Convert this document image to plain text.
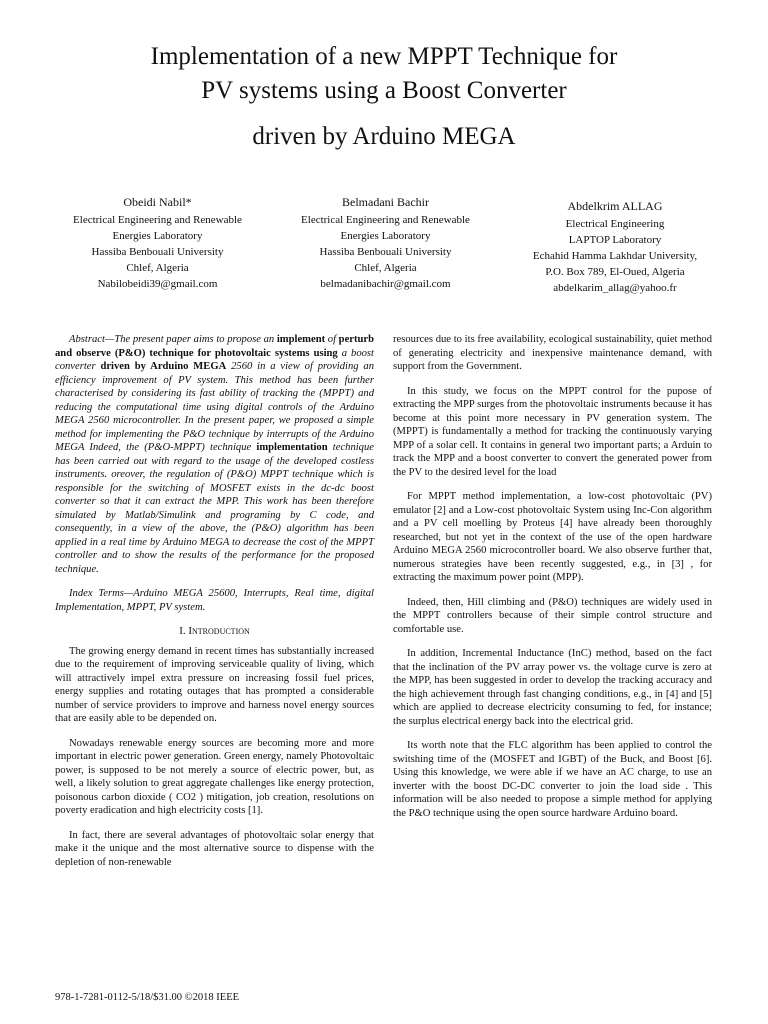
Implementation of a new MPPT Technique for
PV systems using a Boost Converter
driven by Arduino MEGA
Obeidi Nabil*
Electrical Engineering and Renewable
Energies Laboratory
Hassiba Benbouali University
Chlef, Algeria
Nabilobeidi39@gmail.com
Belmadani Bachir
Electrical Engineering and Renewable
Energies Laboratory
Hassiba Benbouali University
Chlef, Algeria
belmadanibachir@gmail.com
Abdelkrim ALLAG
Electrical Engineering
LAPTOP Laboratory
Echahid Hamma Lakhdar University,
P.O. Box 789, El-Oued, Algeria
abdelkarim_allag@yahoo.fr

Abstract—The present paper aims to propose an implement of perturb and observe (P&O) technique for photovoltaic systems using a boost converter driven by Arduino MEGA 2560 in a view of providing an efficiency improvement of PV system. This method has been further characterised by considering its fast ability of tracking the (MPPT) and reducing the computational time using digital controls of the Arduino MEGA 2560 microcontroller. In the present paper, we proposed a simple method for implementing the P&O technique by interrupts of the Arduino MEGA Indeed, the (P&O-MPPT) technique implementation technique has been carried out with regard to the usage of the developed costless instruments. oreover, the regulation of (P&O) MPPT technique which is responsible for the switching of MOSFET exists in the dc-dc boost converter so that it can extract the MPP. This work has been therefore simulated by Matlab/Simulink and programing by C code, and consequently, in a view of the above, the (P&O) algorithm has been applied in a real time by Arduino MEGA to decrease the cost of the MPPT controller and to show the results of the performance for the proposed technique.

Index Terms—Arduino MEGA 25600, Interrupts, Real time, digital Implementation, MPPT, PV system.

I. Introduction

The growing energy demand in recent times has substantially increased due to the requirement of improving serviceable quality of living, which will attractively impel extra pressure on increasing fossil fuel prices, energy supplies and rotating outages that has prompted a considerable number of service providers to improve and harness novel energy sources that are easily able to be depended on.

Nowadays renewable energy sources are becoming more and more important in electric power generation. Green energy, namely Photovoltaic power, is supposed to be not merely a source of electric power, but, as well, a likely solution to great aggregate challenges like energy protection, poisonous carbon dioxide ( CO2 ) mitigation, job creation, resolutions on poverty eradication and high electricity costs [1].

In fact, there are several advantages of photovoltaic solar energy that make it the unique and the most alternative source to dispense with the depletion of non-renewable

resources due to its free availability, ecological sustainability, quiet method of generating electricity and inexpensive maintenance demand, with support from the Government.

In this study, we focus on the MPPT control for the pupose of extracting the MPP surges from the photovoltaic instruments because it has become at this point more necessary in PV generation system. The (MPPT) is fundamentally a method for tracking the continuously varying MPP of a solar cell. It contains in general two important parts; a Arduin to track the MPP and a boost converter to convert the generated power from the PV to the desired level for the load

For MPPT method implementation, a low-cost photovoltaic (PV) emulator [2] and a Low-cost photovoltaic System using Inc-Con algorithm and a PV cell moelling by Proteus [4] have already been thoroughly researched, but not yet in the context of the use of the open hardware Arduino MEGA 2560 microcontroller board. We also observe further that, numerous strategies have been recently suggested, e.g., in [3] , for extracting the maximum power point (MPP).

Indeed, then, Hill climbing and (P&O) techniques are widely used in the MPPT controllers because of their simple control structure and comfortable use.

In addition, Incremental Inductance (InC) method, based on the fact that the inclination of the PV array power vs. the voltage curve is zero at the MPP, has been suggested in order to develop the tracking accuracy and the high achievement through fast changing conditions, e.g., in [4] and [5] which are applied to decrease electricity consuming to fed, for instance; the surplus electrical energy back into the electrical grid.

Its worth note that the FLC algorithm has been applied to control the switshing time of the (MOSFET and IGBT) of the Buck, and Boost [6]. Using this knowledge, we were able if we have an AC charge, to use an inverter with the boost DC-DC converter to join the load side . This information will be also needed to propose a simple method for applying the P&O technique using the open source hardware Arduino board.

978-1-7281-0112-5/18/$31.00 ©2018 IEEE
